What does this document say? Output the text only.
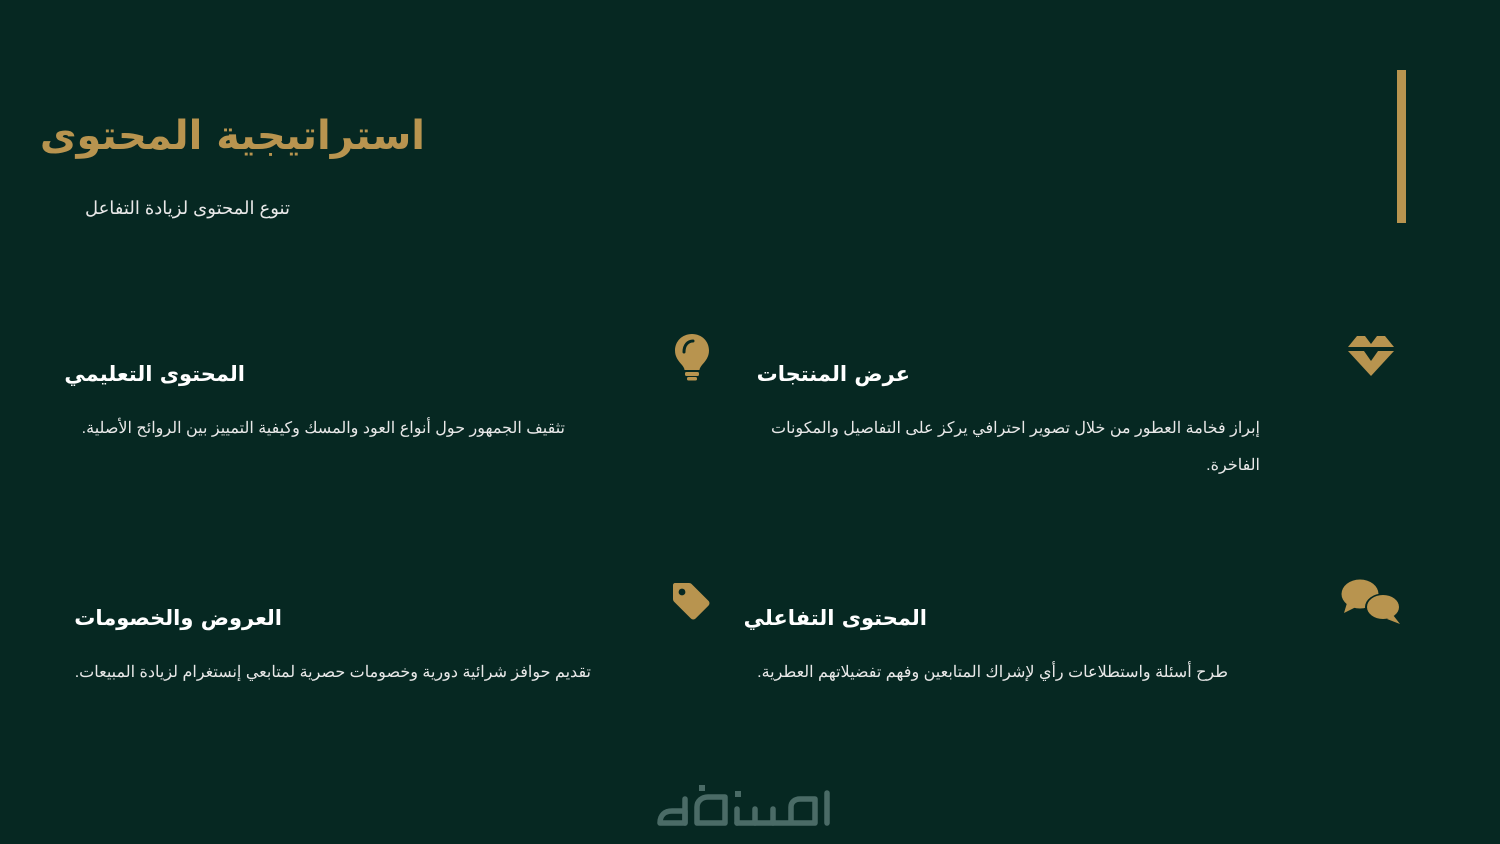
استراتيجية المحتوى
تنوع المحتوى لزيادة التفاعل
عرض المنتجات
إبراز فخامة العطور من خلال تصوير احترافي يركز على التفاصيل والمكونات الفاخرة.
المحتوى التعليمي
تثقيف الجمهور حول أنواع العود والمسك وكيفية التمييز بين الروائح الأصلية.
المحتوى التفاعلي
طرح أسئلة واستطلاعات رأي لإشراك المتابعين وفهم تفضيلاتهم العطرية.
العروض والخصومات
تقديم حوافز شرائية دورية وخصومات حصرية لمتابعي إنستغرام لزيادة المبيعات.
